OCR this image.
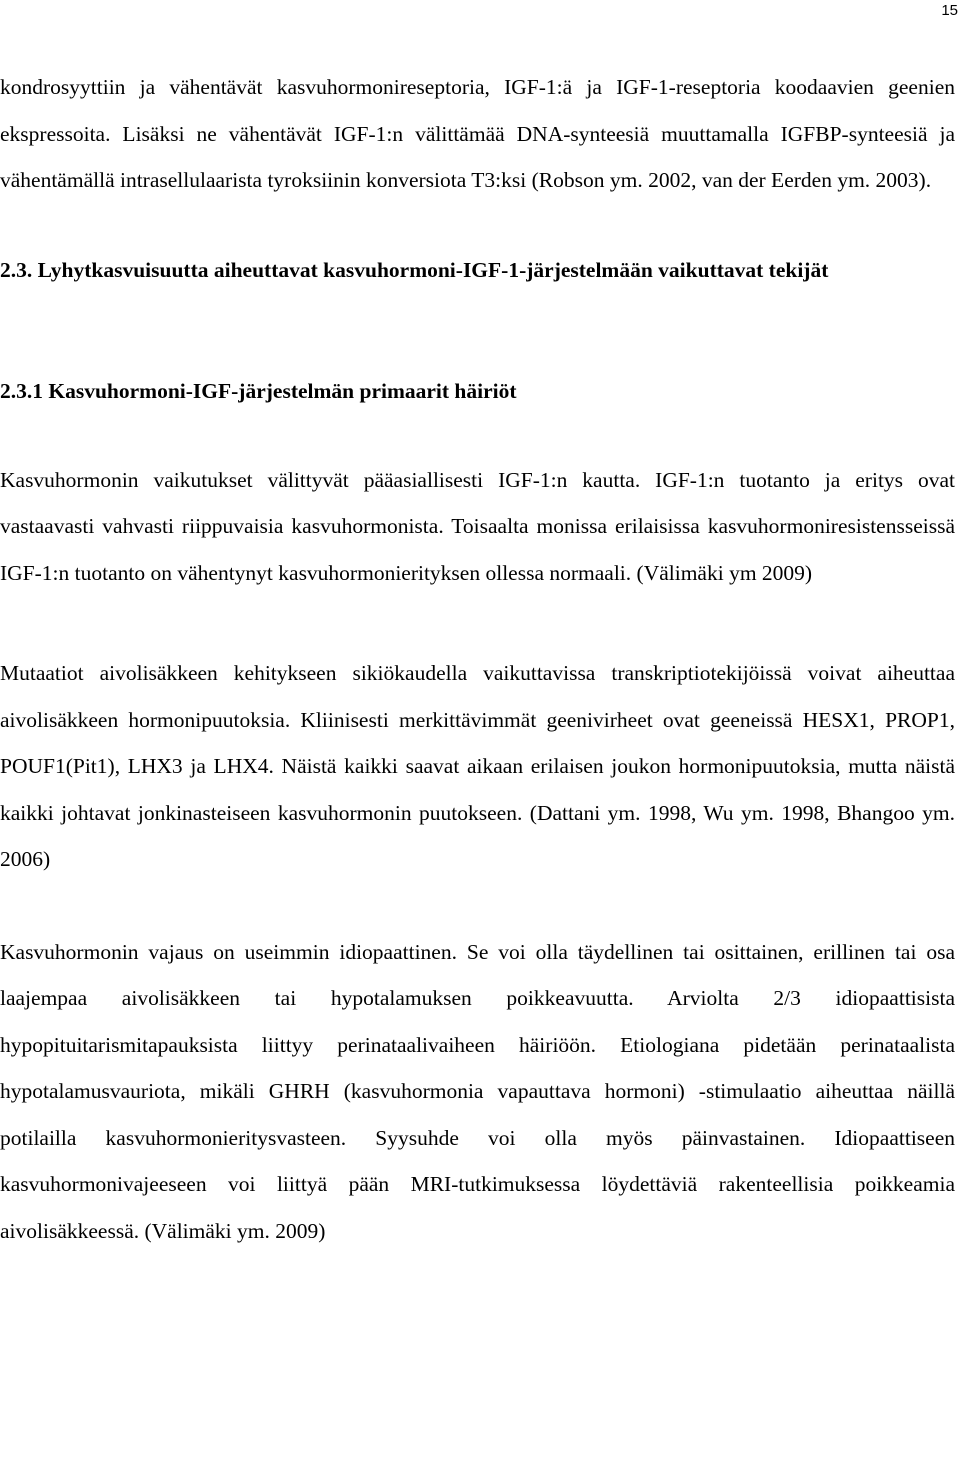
15

kondrosyyttiin ja vähentävät kasvuhormonireseptoria, IGF-1:ä ja IGF-1-reseptoria koodaavien geenien ekspressoita. Lisäksi ne vähentävät IGF-1:n välittämää DNA-synteesiä muuttamalla IGFBP-synteesiä ja vähentämällä intrasellulaarista tyroksiinin konversiota T3:ksi (Robson ym. 2002, van der Eerden ym. 2003).

2.3. Lyhytkasvuisuutta aiheuttavat kasvuhormoni-IGF-1-järjestelmään vaikuttavat tekijät

2.3.1 Kasvuhormoni-IGF-järjestelmän primaarit häiriöt

Kasvuhormonin vaikutukset välittyvät pääasiallisesti IGF-1:n kautta. IGF-1:n tuotanto ja eritys ovat vastaavasti vahvasti riippuvaisia kasvuhormonista. Toisaalta monissa erilaisissa kasvuhormoniresistensseissä IGF-1:n tuotanto on vähentynyt kasvuhormonierityksen ollessa normaali. (Välimäki ym 2009)

Mutaatiot aivolisäkkeen kehitykseen sikiökaudella vaikuttavissa transkriptiotekijöissä voivat aiheuttaa aivolisäkkeen hormonipuutoksia. Kliinisesti merkittävimmät geenivirheet ovat geeneissä HESX1, PROP1, POUF1(Pit1), LHX3 ja LHX4. Näistä kaikki saavat aikaan erilaisen joukon hormonipuutoksia, mutta näistä kaikki johtavat jonkinasteiseen kasvuhormonin puutokseen. (Dattani ym. 1998, Wu ym. 1998, Bhangoo ym. 2006)

Kasvuhormonin vajaus on useimmin idiopaattinen. Se voi olla täydellinen tai osittainen, erillinen tai osa laajempaa aivolisäkkeen tai hypotalamuksen poikkeavuutta. Arviolta 2/3 idiopaattisista hypopituitarismitapauksista liittyy perinataalivaiheen häiriöön. Etiologiana pidetään perinataalista hypotalamusvauriota, mikäli GHRH (kasvuhormonia vapauttava hormoni) -stimulaatio aiheuttaa näillä potilailla kasvuhormonieritysvasteen. Syysuhde voi olla myös päinvastainen. Idiopaattiseen kasvuhormonivajeeseen voi liittyä pään MRI-tutkimuksessa löydettäviä rakenteellisia poikkeamia aivolisäkkeessä. (Välimäki ym. 2009)
